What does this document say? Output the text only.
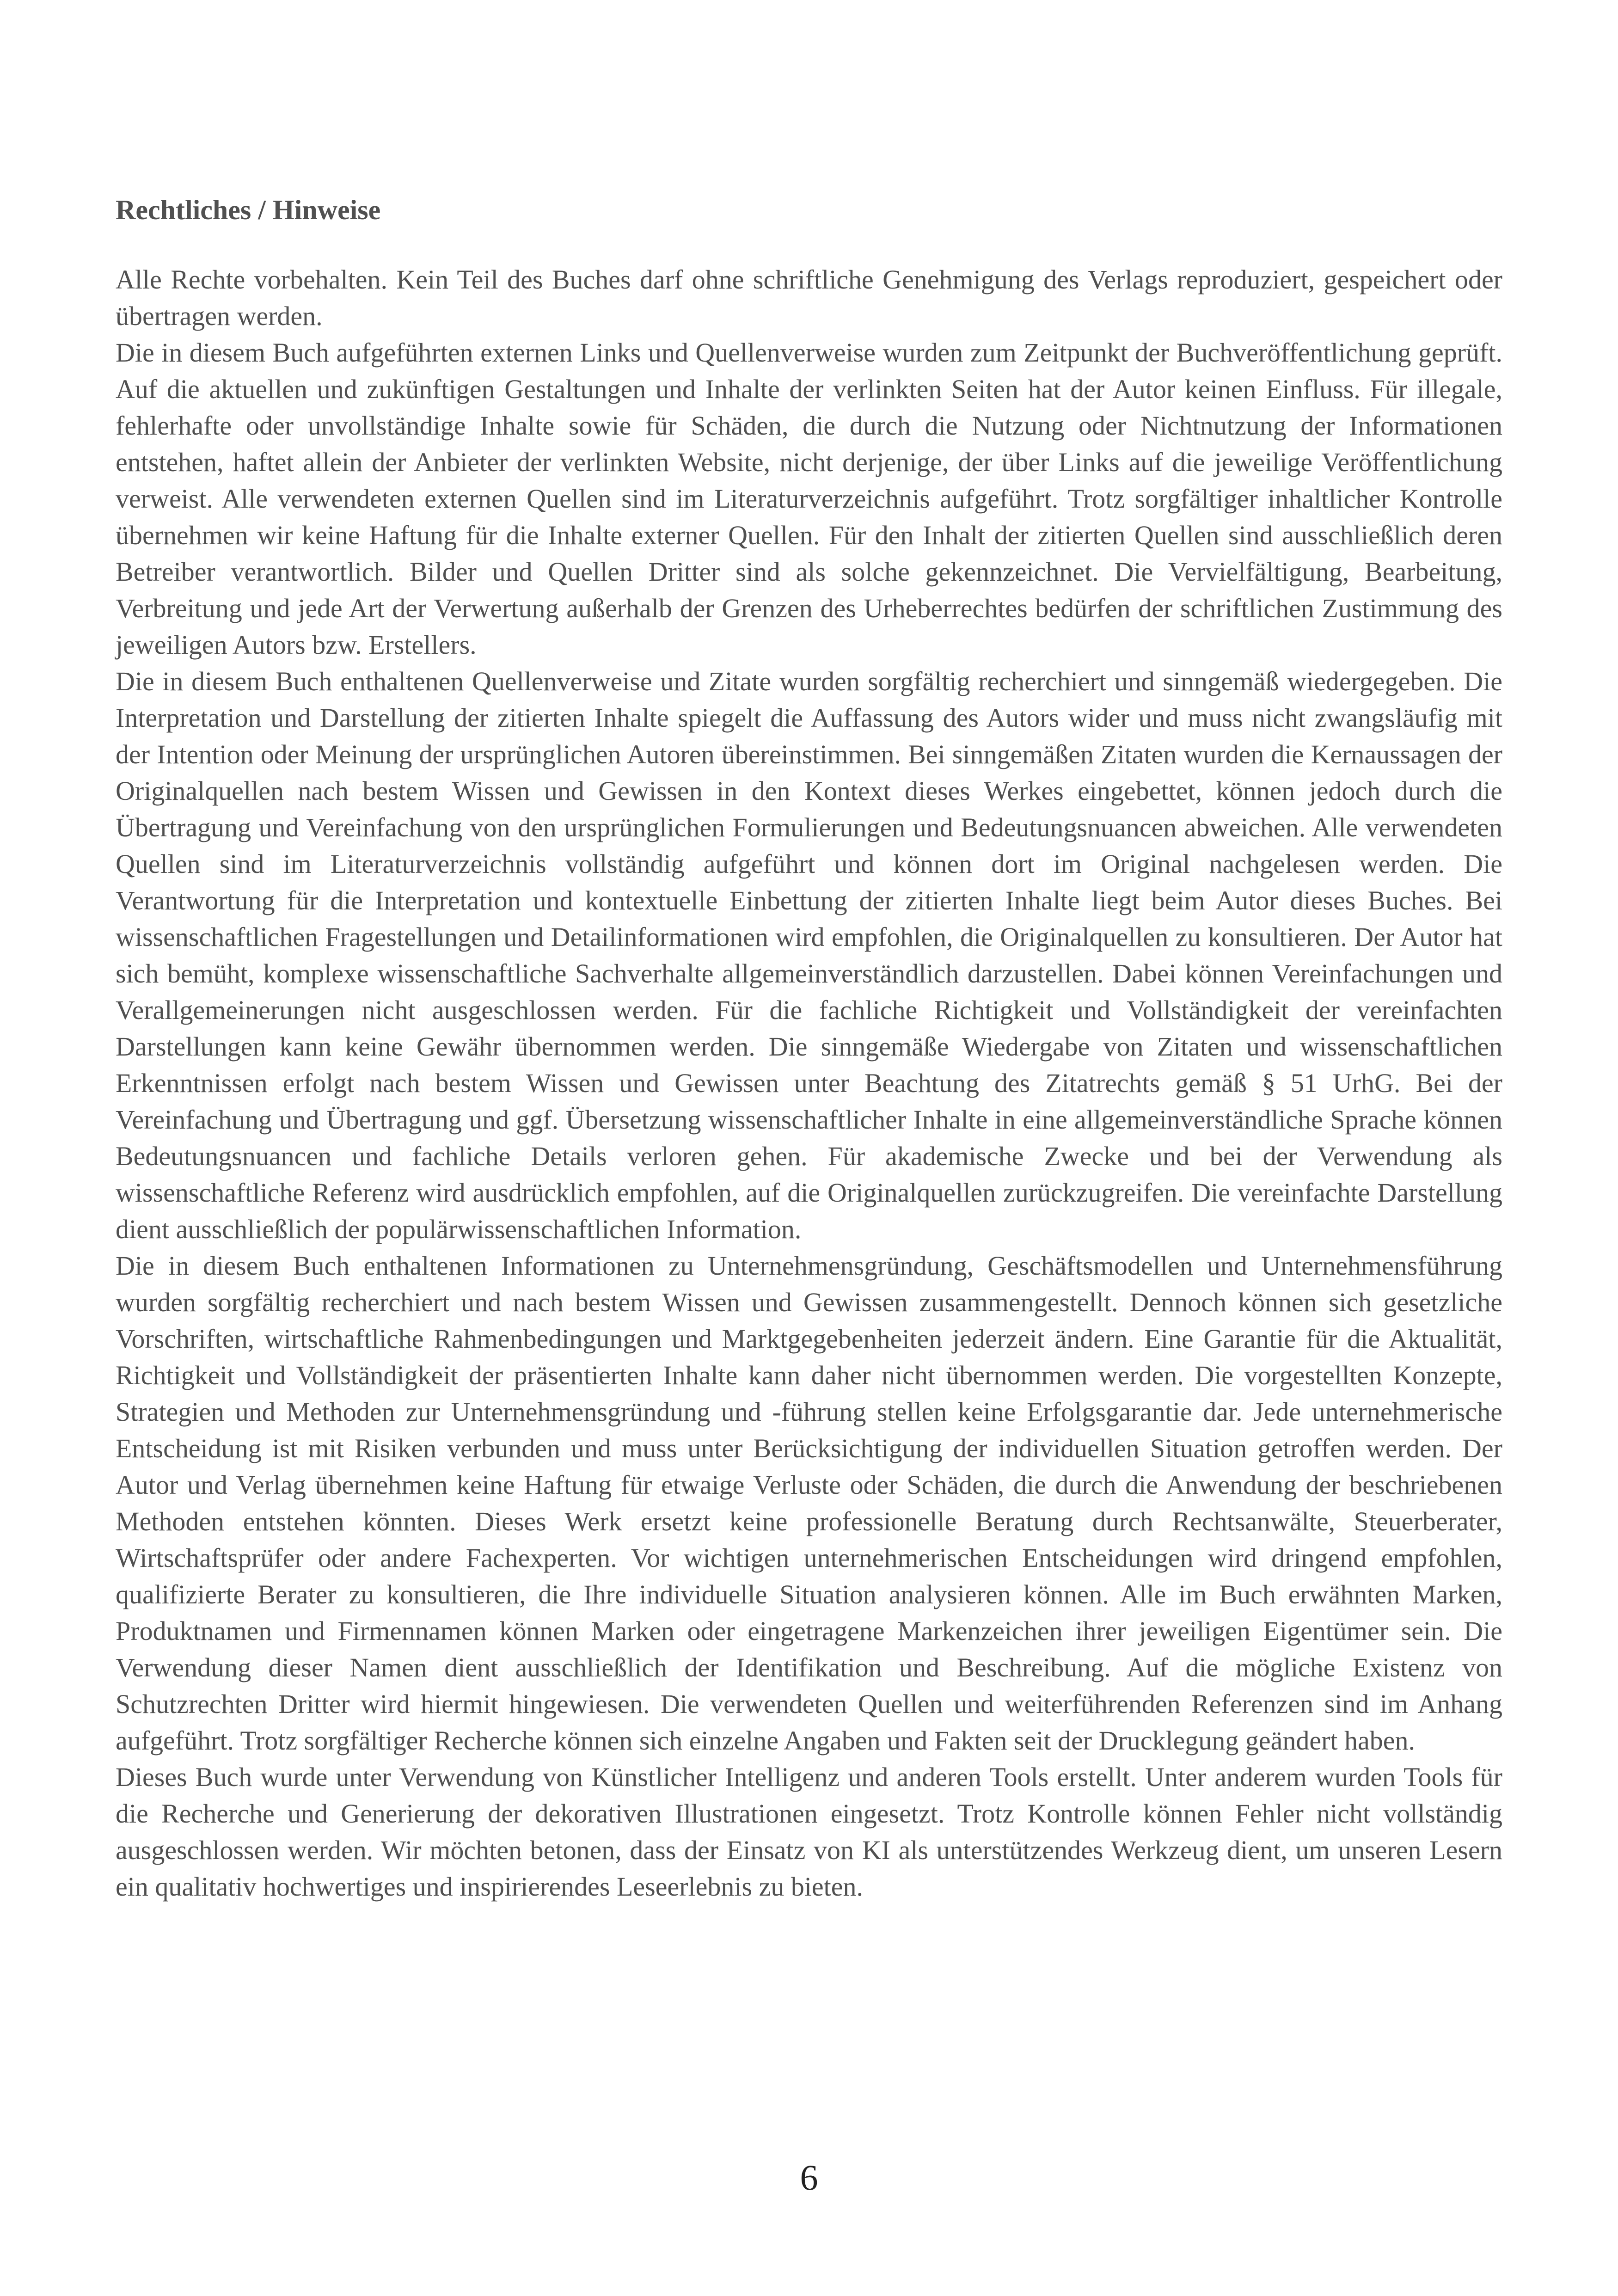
Rechtliches / Hinweise

Alle Rechte vorbehalten. Kein Teil des Buches darf ohne schriftliche Genehmigung des Verlags reproduziert, gespeichert oder übertragen werden.

Die in diesem Buch aufgeführten externen Links und Quellenverweise wurden zum Zeitpunkt der Buchveröffentlichung geprüft. Auf die aktuellen und zukünftigen Gestaltungen und Inhalte der verlinkten Seiten hat der Autor keinen Einfluss. Für illegale, fehlerhafte oder unvollständige Inhalte sowie für Schäden, die durch die Nutzung oder Nichtnutzung der Informationen entstehen, haftet allein der Anbieter der verlinkten Website, nicht derjenige, der über Links auf die jeweilige Veröffentlichung verweist. Alle verwendeten externen Quellen sind im Literaturverzeichnis aufgeführt. Trotz sorgfältiger inhaltlicher Kontrolle übernehmen wir keine Haftung für die Inhalte externer Quellen. Für den Inhalt der zitierten Quellen sind ausschließlich deren Betreiber verantwortlich. Bilder und Quellen Dritter sind als solche gekennzeichnet. Die Vervielfältigung, Bearbeitung, Verbreitung und jede Art der Verwertung außerhalb der Grenzen des Urheberrechtes bedürfen der schriftlichen Zustimmung des jeweiligen Autors bzw. Erstellers.

Die in diesem Buch enthaltenen Quellenverweise und Zitate wurden sorgfältig recherchiert und sinngemäß wiedergegeben. Die Interpretation und Darstellung der zitierten Inhalte spiegelt die Auffassung des Autors wider und muss nicht zwangsläufig mit der Intention oder Meinung der ursprünglichen Autoren übereinstimmen. Bei sinngemäßen Zitaten wurden die Kernaussagen der Originalquellen nach bestem Wissen und Gewissen in den Kontext dieses Werkes eingebettet, können jedoch durch die Übertragung und Vereinfachung von den ursprünglichen Formulierungen und Bedeutungsnuancen abweichen. Alle verwendeten Quellen sind im Literaturverzeichnis vollständig aufgeführt und können dort im Original nachgelesen werden. Die Verantwortung für die Interpretation und kontextuelle Einbettung der zitierten Inhalte liegt beim Autor dieses Buches. Bei wissenschaftlichen Fragestellungen und Detailinformationen wird empfohlen, die Originalquellen zu konsultieren. Der Autor hat sich bemüht, komplexe wissenschaftliche Sachverhalte allgemeinverständlich darzustellen. Dabei können Vereinfachungen und Verallgemeinerungen nicht ausgeschlossen werden. Für die fachliche Richtigkeit und Vollständigkeit der vereinfachten Darstellungen kann keine Gewähr übernommen werden. Die sinngemäße Wiedergabe von Zitaten und wissenschaftlichen Erkenntnissen erfolgt nach bestem Wissen und Gewissen unter Beachtung des Zitatrechts gemäß § 51 UrhG. Bei der Vereinfachung und Übertragung und ggf. Übersetzung wissenschaftlicher Inhalte in eine allgemeinverständliche Sprache können Bedeutungsnuancen und fachliche Details verloren gehen. Für akademische Zwecke und bei der Verwendung als wissenschaftliche Referenz wird ausdrücklich empfohlen, auf die Originalquellen zurückzugreifen. Die vereinfachte Darstellung dient ausschließlich der populärwissenschaftlichen Information.

Die in diesem Buch enthaltenen Informationen zu Unternehmensgründung, Geschäftsmodellen und Unternehmensführung wurden sorgfältig recherchiert und nach bestem Wissen und Gewissen zusammengestellt. Dennoch können sich gesetzliche Vorschriften, wirtschaftliche Rahmenbedingungen und Marktgegebenheiten jederzeit ändern. Eine Garantie für die Aktualität, Richtigkeit und Vollständigkeit der präsentierten Inhalte kann daher nicht übernommen werden. Die vorgestellten Konzepte, Strategien und Methoden zur Unternehmensgründung und -führung stellen keine Erfolgsgarantie dar. Jede unternehmerische Entscheidung ist mit Risiken verbunden und muss unter Berücksichtigung der individuellen Situation getroffen werden. Der Autor und Verlag übernehmen keine Haftung für etwaige Verluste oder Schäden, die durch die Anwendung der beschriebenen Methoden entstehen könnten. Dieses Werk ersetzt keine professionelle Beratung durch Rechtsanwälte, Steuerberater, Wirtschaftsprüfer oder andere Fachexperten. Vor wichtigen unternehmerischen Entscheidungen wird dringend empfohlen, qualifizierte Berater zu konsultieren, die Ihre individuelle Situation analysieren können. Alle im Buch erwähnten Marken, Produktnamen und Firmennamen können Marken oder eingetragene Markenzeichen ihrer jeweiligen Eigentümer sein. Die Verwendung dieser Namen dient ausschließlich der Identifikation und Beschreibung. Auf die mögliche Existenz von Schutzrechten Dritter wird hiermit hingewiesen. Die verwendeten Quellen und weiterführenden Referenzen sind im Anhang aufgeführt. Trotz sorgfältiger Recherche können sich einzelne Angaben und Fakten seit der Drucklegung geändert haben.

Dieses Buch wurde unter Verwendung von Künstlicher Intelligenz und anderen Tools erstellt. Unter anderem wurden Tools für die Recherche und Generierung der dekorativen Illustrationen eingesetzt. Trotz Kontrolle können Fehler nicht vollständig ausgeschlossen werden. Wir möchten betonen, dass der Einsatz von KI als unterstützendes Werkzeug dient, um unseren Lesern ein qualitativ hochwertiges und inspirierendes Leseerlebnis zu bieten.

6
